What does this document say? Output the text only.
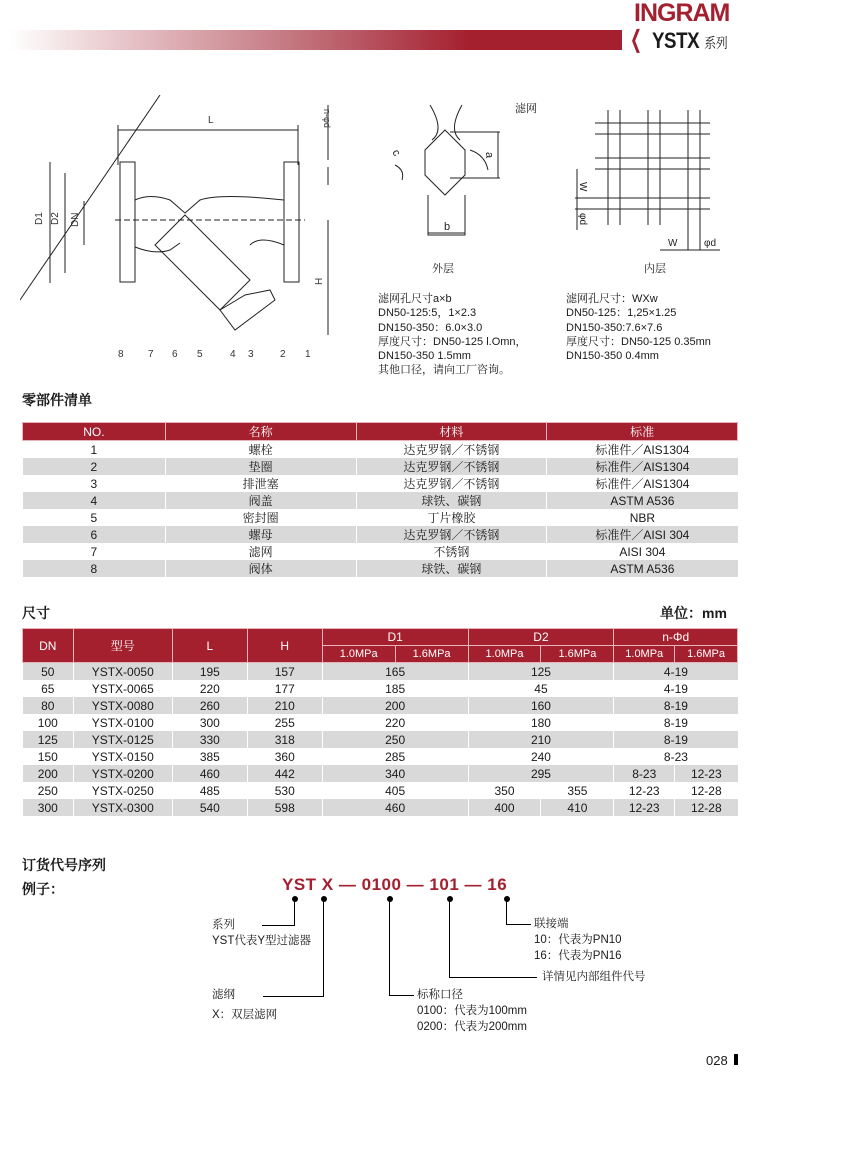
INGRAM
❮ YSTX 系列
L
D1 D2 DN
H
n-φd
8 7 6 5	4 3	2 1
滤网
a
b
c
外层
W
φd
W	φd
内层
滤网孔尺寸a×b
DN50-125:5，1×2.3
DN150-350：6.0×3.0
厚度尺寸：DN50-125 l.Omn，
DN150-350 1.5mm
其他口径，请向工厂咨询。
滤网孔尺寸：WXw
DN50-125：1,25×1.25
DN150-350:7.6×7.6
厚度尺寸：DN50-125 0.35mn
DN150-350 0.4mm
零部件清单
NO.	名称	材料	标准
1	螺栓	达克罗钢／不锈钢	标准件／AIS1304
2	垫圈	达克罗钢／不锈钢	标准件／AIS1304
3	排泄塞	达克罗钢／不锈钢	标准件／AIS1304
4	阀盖	球铁、碳钢	ASTM A536
5	密封圈	丁片橡胶	NBR
6	螺母	达克罗钢／不锈钢	标准件／AISI 304
7	滤网	不锈钢	AISI 304
8	阀体	球铁、碳钢	ASTM A536
尺寸	单位：mm
DN	型号	L	H	D1		D2		n-Φd	
				1.0MPa	1.6MPa	1.0MPa	1.6MPa	1.0MPa	1.6MPa
50	YSTX-0050	195	157	165		125		4-19	
65	YSTX-0065	220	177	185		45		4-19	
80	YSTX-0080	260	210	200		160		8-19	
100	YSTX-0100	300	255	220		180		8-19	
125	YSTX-0125	330	318	250		210		8-19	
150	YSTX-0150	385	360	285		240		8-23	
200	YSTX-0200	460	442	340		295		8-23	12-23
250	YSTX-0250	485	530	405		350	355	12-23	12-28
300	YSTX-0300	540	598	460		400	410	12-23	12-28
订货代号序列
例子：	YST X — 0100 — 101 — 16
系列
YST代表Y型过滤器
滤纲
X：双层滤网
标称口径
0100：代表为100mm
0200：代表为200mm
详情见内部组件代号
联接端
10：代表为PN10
16：代表为PN16
028
